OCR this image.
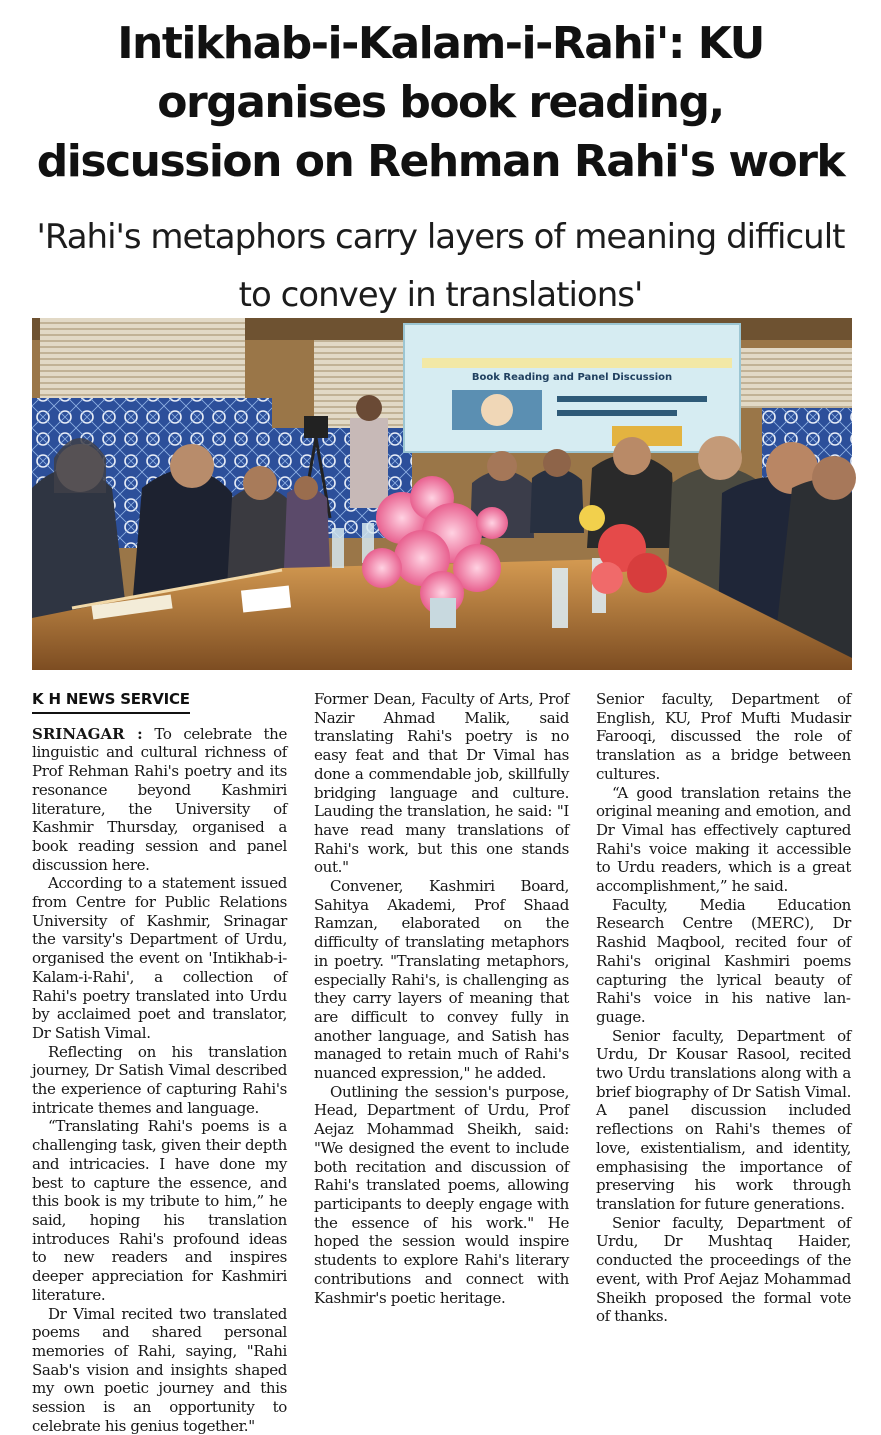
Intikhab-i-Kalam-i-Rahi': KU organises book reading, discussion on Rehman Rahi's work
'Rahi's metaphors carry layers of meaning difficult to convey in translations'
Book Reading and Panel Discussion
K H NEWS SERVICE

SRINAGAR : To celebrate the linguistic and cultural richness of Prof Rehman Rahi's poetry and its resonance beyond Kashmiri literature, the University of Kashmir Thursday, organised a book reading session and panel discussion here.

According to a statement issued from Centre for Public Relations University of Kashmir, Srinagar the varsity's Department of Urdu, organised the event on 'Intikhab-i-Kalam-i-Rahi', a collection of Rahi's poetry translated into Urdu by acclaimed poet and translator, Dr Satish Vimal.

Reflecting on his translation journey, Dr Satish Vimal described the experience of capturing Rahi's intricate themes and language.

“Translating Rahi's poems is a challenging task, given their depth and intricacies. I have done my best to capture the essence, and this book is my tribute to him,” he said, hoping his translation introduces Rahi's profound ideas to new readers and inspires deeper appreciation for Kashmiri literature.

Dr Vimal recited two translated poems and shared personal memories of Rahi, saying, "Rahi Saab's vision and insights shaped my own poetic journey and this session is an opportunity to celebrate his genius together."

Former Dean, Faculty of Arts, Prof Nazir Ahmad Malik, said translating Rahi's poetry is no easy feat and that Dr Vimal has done a commendable job, skillfully bridging language and culture. Lauding the translation, he said: "I have read many translations of Rahi's work, but this one stands out."

Convener, Kashmiri Board, Sahitya Akademi, Prof Shaad Ramzan, elaborated on the difficulty of translating metaphors in poetry. "Translating metaphors, especially Rahi's, is challenging as they carry layers of meaning that are difficult to convey fully in another language, and Satish has managed to retain much of Rahi's nuanced expression," he added.

Outlining the session's purpose, Head, Department of Urdu, Prof Aejaz Mohammad Sheikh, said: "We designed the event to include both recitation and discussion of Rahi's translated poems, allowing participants to deeply engage with the essence of his work." He hoped the session would inspire students to explore Rahi's literary contributions and connect with Kashmir's poetic heritage.

Senior faculty, Department of English, KU, Prof Mufti Mudasir Farooqi, discussed the role of translation as a bridge between cultures.

“A good translation retains the original meaning and emotion, and Dr Vimal has effectively captured Rahi's voice making it accessible to Urdu readers, which is a great accomplishment,” he said.

Faculty, Media Education Research Centre (MERC), Dr Rashid Maqbool, recited four of Rahi's original Kashmiri poems capturing the lyrical beauty of Rahi's voice in his native language.

Senior faculty, Department of Urdu, Dr Kousar Rasool, recited two Urdu translations along with a brief biography of Dr Satish Vimal. A panel discussion included reflections on Rahi's themes of love, existentialism, and identity, emphasising the importance of preserving his work through translation for future generations.

Senior faculty, Department of Urdu, Dr Mushtaq Haider, conducted the proceedings of the event, with Prof Aejaz Mohammad Sheikh proposed the formal vote of thanks.
